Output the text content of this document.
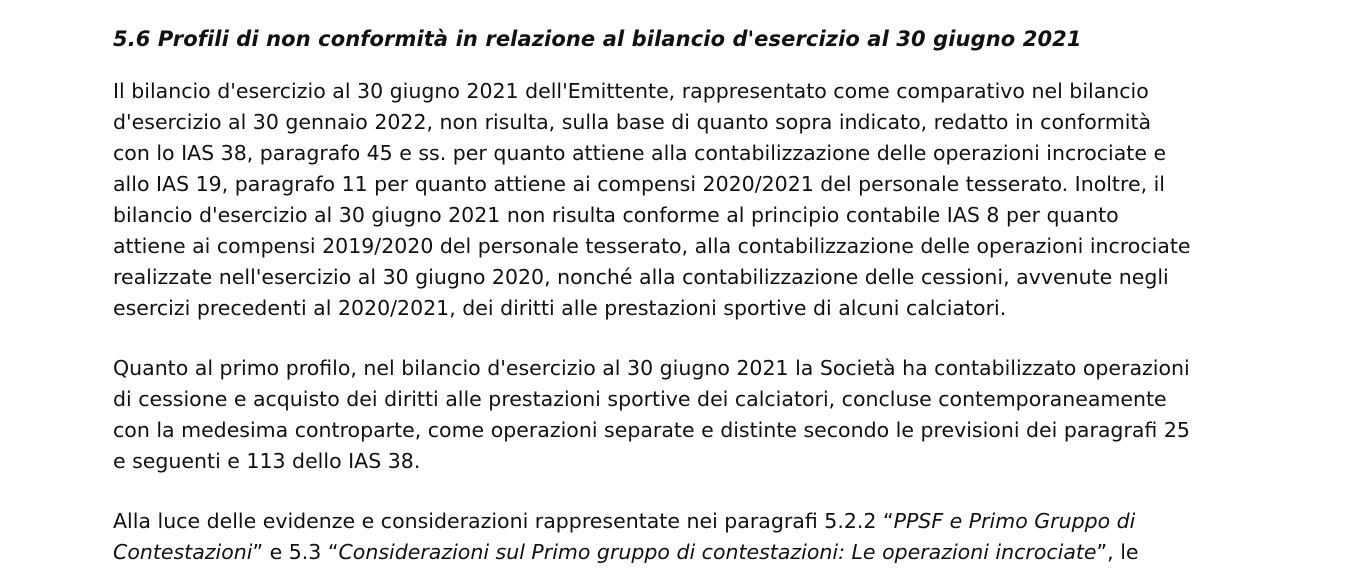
5.6 Profili di non conformità in relazione al bilancio d'esercizio al 30 giugno 2021

Il bilancio d'esercizio al 30 giugno 2021 dell'Emittente, rappresentato come comparativo nel bilancio
d'esercizio al 30 gennaio 2022, non risulta, sulla base di quanto sopra indicato, redatto in conformità
con lo IAS 38, paragrafo 45 e ss. per quanto attiene alla contabilizzazione delle operazioni incrociate e
allo IAS 19, paragrafo 11 per quanto attiene ai compensi 2020/2021 del personale tesserato. Inoltre, il
bilancio d'esercizio al 30 giugno 2021 non risulta conforme al principio contabile IAS 8 per quanto
attiene ai compensi 2019/2020 del personale tesserato, alla contabilizzazione delle operazioni incrociate
realizzate nell'esercizio al 30 giugno 2020, nonché alla contabilizzazione delle cessioni, avvenute negli
esercizi precedenti al 2020/2021, dei diritti alle prestazioni sportive di alcuni calciatori.

Quanto al primo profilo, nel bilancio d'esercizio al 30 giugno 2021 la Società ha contabilizzato operazioni
di cessione e acquisto dei diritti alle prestazioni sportive dei calciatori, concluse contemporaneamente
con la medesima controparte, come operazioni separate e distinte secondo le previsioni dei paragrafi 25
e seguenti e 113 dello IAS 38.

Alla luce delle evidenze e considerazioni rappresentate nei paragrafi 5.2.2 “PPSF e Primo Gruppo di
Contestazioni” e 5.3 “Considerazioni sul Primo gruppo di contestazioni: Le operazioni incrociate”, le
